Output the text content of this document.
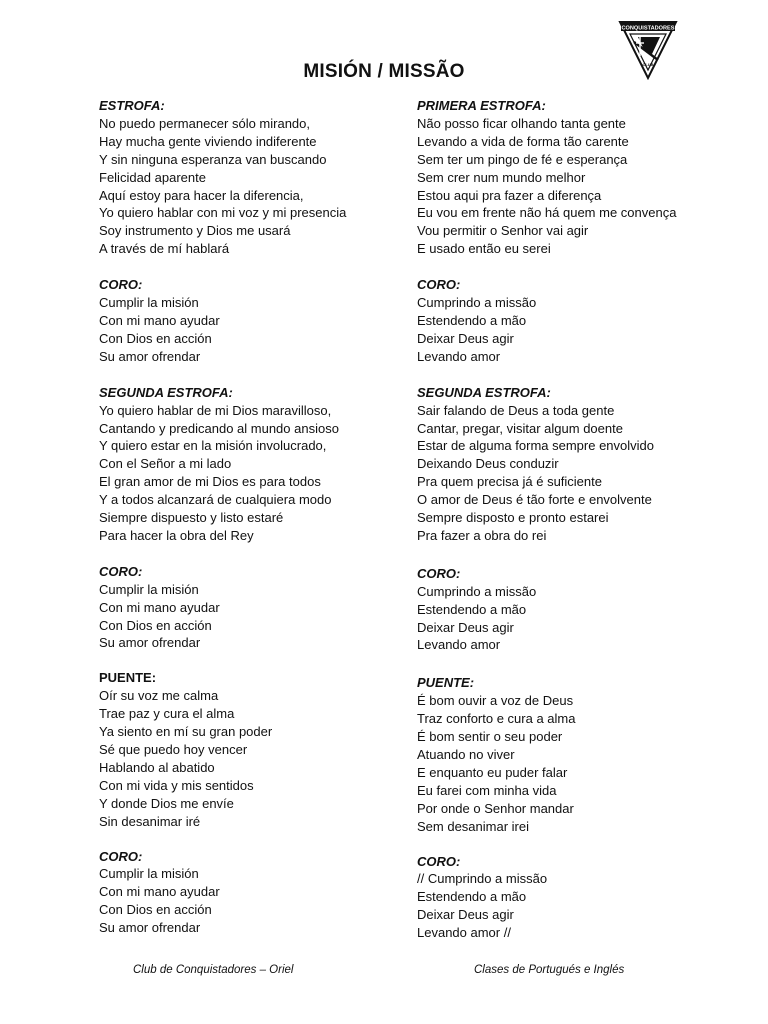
MISIÓN / MISSÃO
CONQUISTADORES
CLUB
ESTROFA:
No puedo permanecer sólo mirando,
Hay mucha gente viviendo indiferente
Y sin ninguna esperanza van buscando
Felicidad aparente
Aquí estoy para hacer la diferencia,
Yo quiero hablar con mi voz y mi presencia
Soy instrumento y Dios me usará
A través de mí hablará
CORO:
Cumplir la misión
Con mi mano ayudar
Con Dios en acción
Su amor ofrendar
SEGUNDA ESTROFA:
Yo quiero hablar de mi Dios maravilloso,
Cantando y predicando al mundo ansioso
Y quiero estar en la misión involucrado,
Con el Señor a mi lado
El gran amor de mi Dios es para todos
Y a todos alcanzará de cualquiera modo
Siempre dispuesto y listo estaré
Para hacer la obra del Rey
CORO:
Cumplir la misión
Con mi mano ayudar
Con Dios en acción
Su amor ofrendar
PUENTE:
Oír su voz me calma
Trae paz y cura el alma
Ya siento en mí su gran poder
Sé que puedo hoy vencer
Hablando al abatido
Con mi vida y mis sentidos
Y donde Dios me envíe
Sin desanimar iré
CORO:
Cumplir la misión
Con mi mano ayudar
Con Dios en acción
Su amor ofrendar
PRIMERA ESTROFA:
Não posso ficar olhando tanta gente
Levando a vida de forma tão carente
Sem ter um pingo de fé e esperança
Sem crer num mundo melhor
Estou aqui pra fazer a diferença
Eu vou em frente não há quem me convença
Vou permitir o Senhor vai agir
E usado então eu serei
CORO:
Cumprindo a missão
Estendendo a mão
Deixar Deus agir
Levando amor
SEGUNDA ESTROFA:
Sair falando de Deus a toda gente
Cantar, pregar, visitar algum doente
Estar de alguma forma sempre envolvido
Deixando Deus conduzir
Pra quem precisa já é suficiente
O amor de Deus é tão forte e envolvente
Sempre disposto e pronto estarei
Pra fazer a obra do rei
CORO:
Cumprindo a missão
Estendendo a mão
Deixar Deus agir
Levando amor
PUENTE:
É bom ouvir a voz de Deus
Traz conforto e cura a alma
É bom sentir o seu poder
Atuando no viver
E enquanto eu puder falar
Eu farei com minha vida
Por onde o Senhor mandar
Sem desanimar irei
CORO:
// Cumprindo a missão
Estendendo a mão
Deixar Deus agir
Levando amor //
Club de Conquistadores – Oriel	Clases de Portugués e Inglés
